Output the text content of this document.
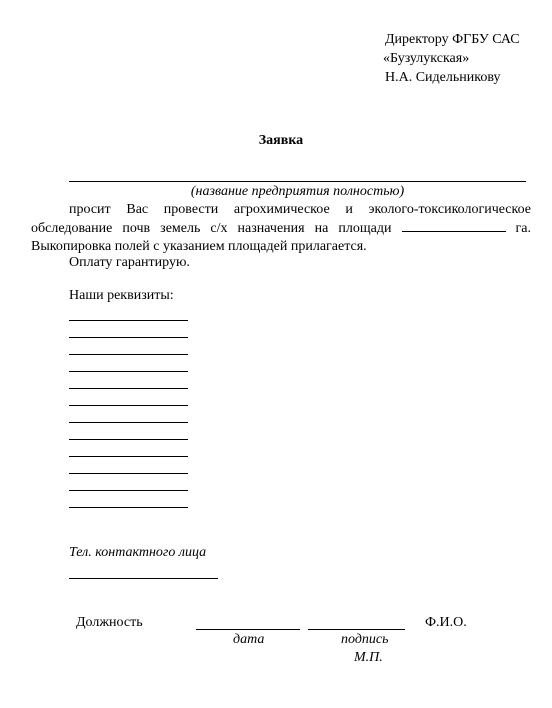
Директору ФГБУ САС
«Бузулукская»
Н.А. Сидельникову
Заявка
(название предприятия полностью)

просит Вас провести агрохимическое и эколого-токсикологическое

обследование почв земель с/х назначения на площади	га.

Выкопировка полей с указанием площадей прилагается.

Оплату гарантирую.
Наши реквизиты:
Тел. контактного лица
Должность	Ф.И.О.
дата	подпись
М.П.
